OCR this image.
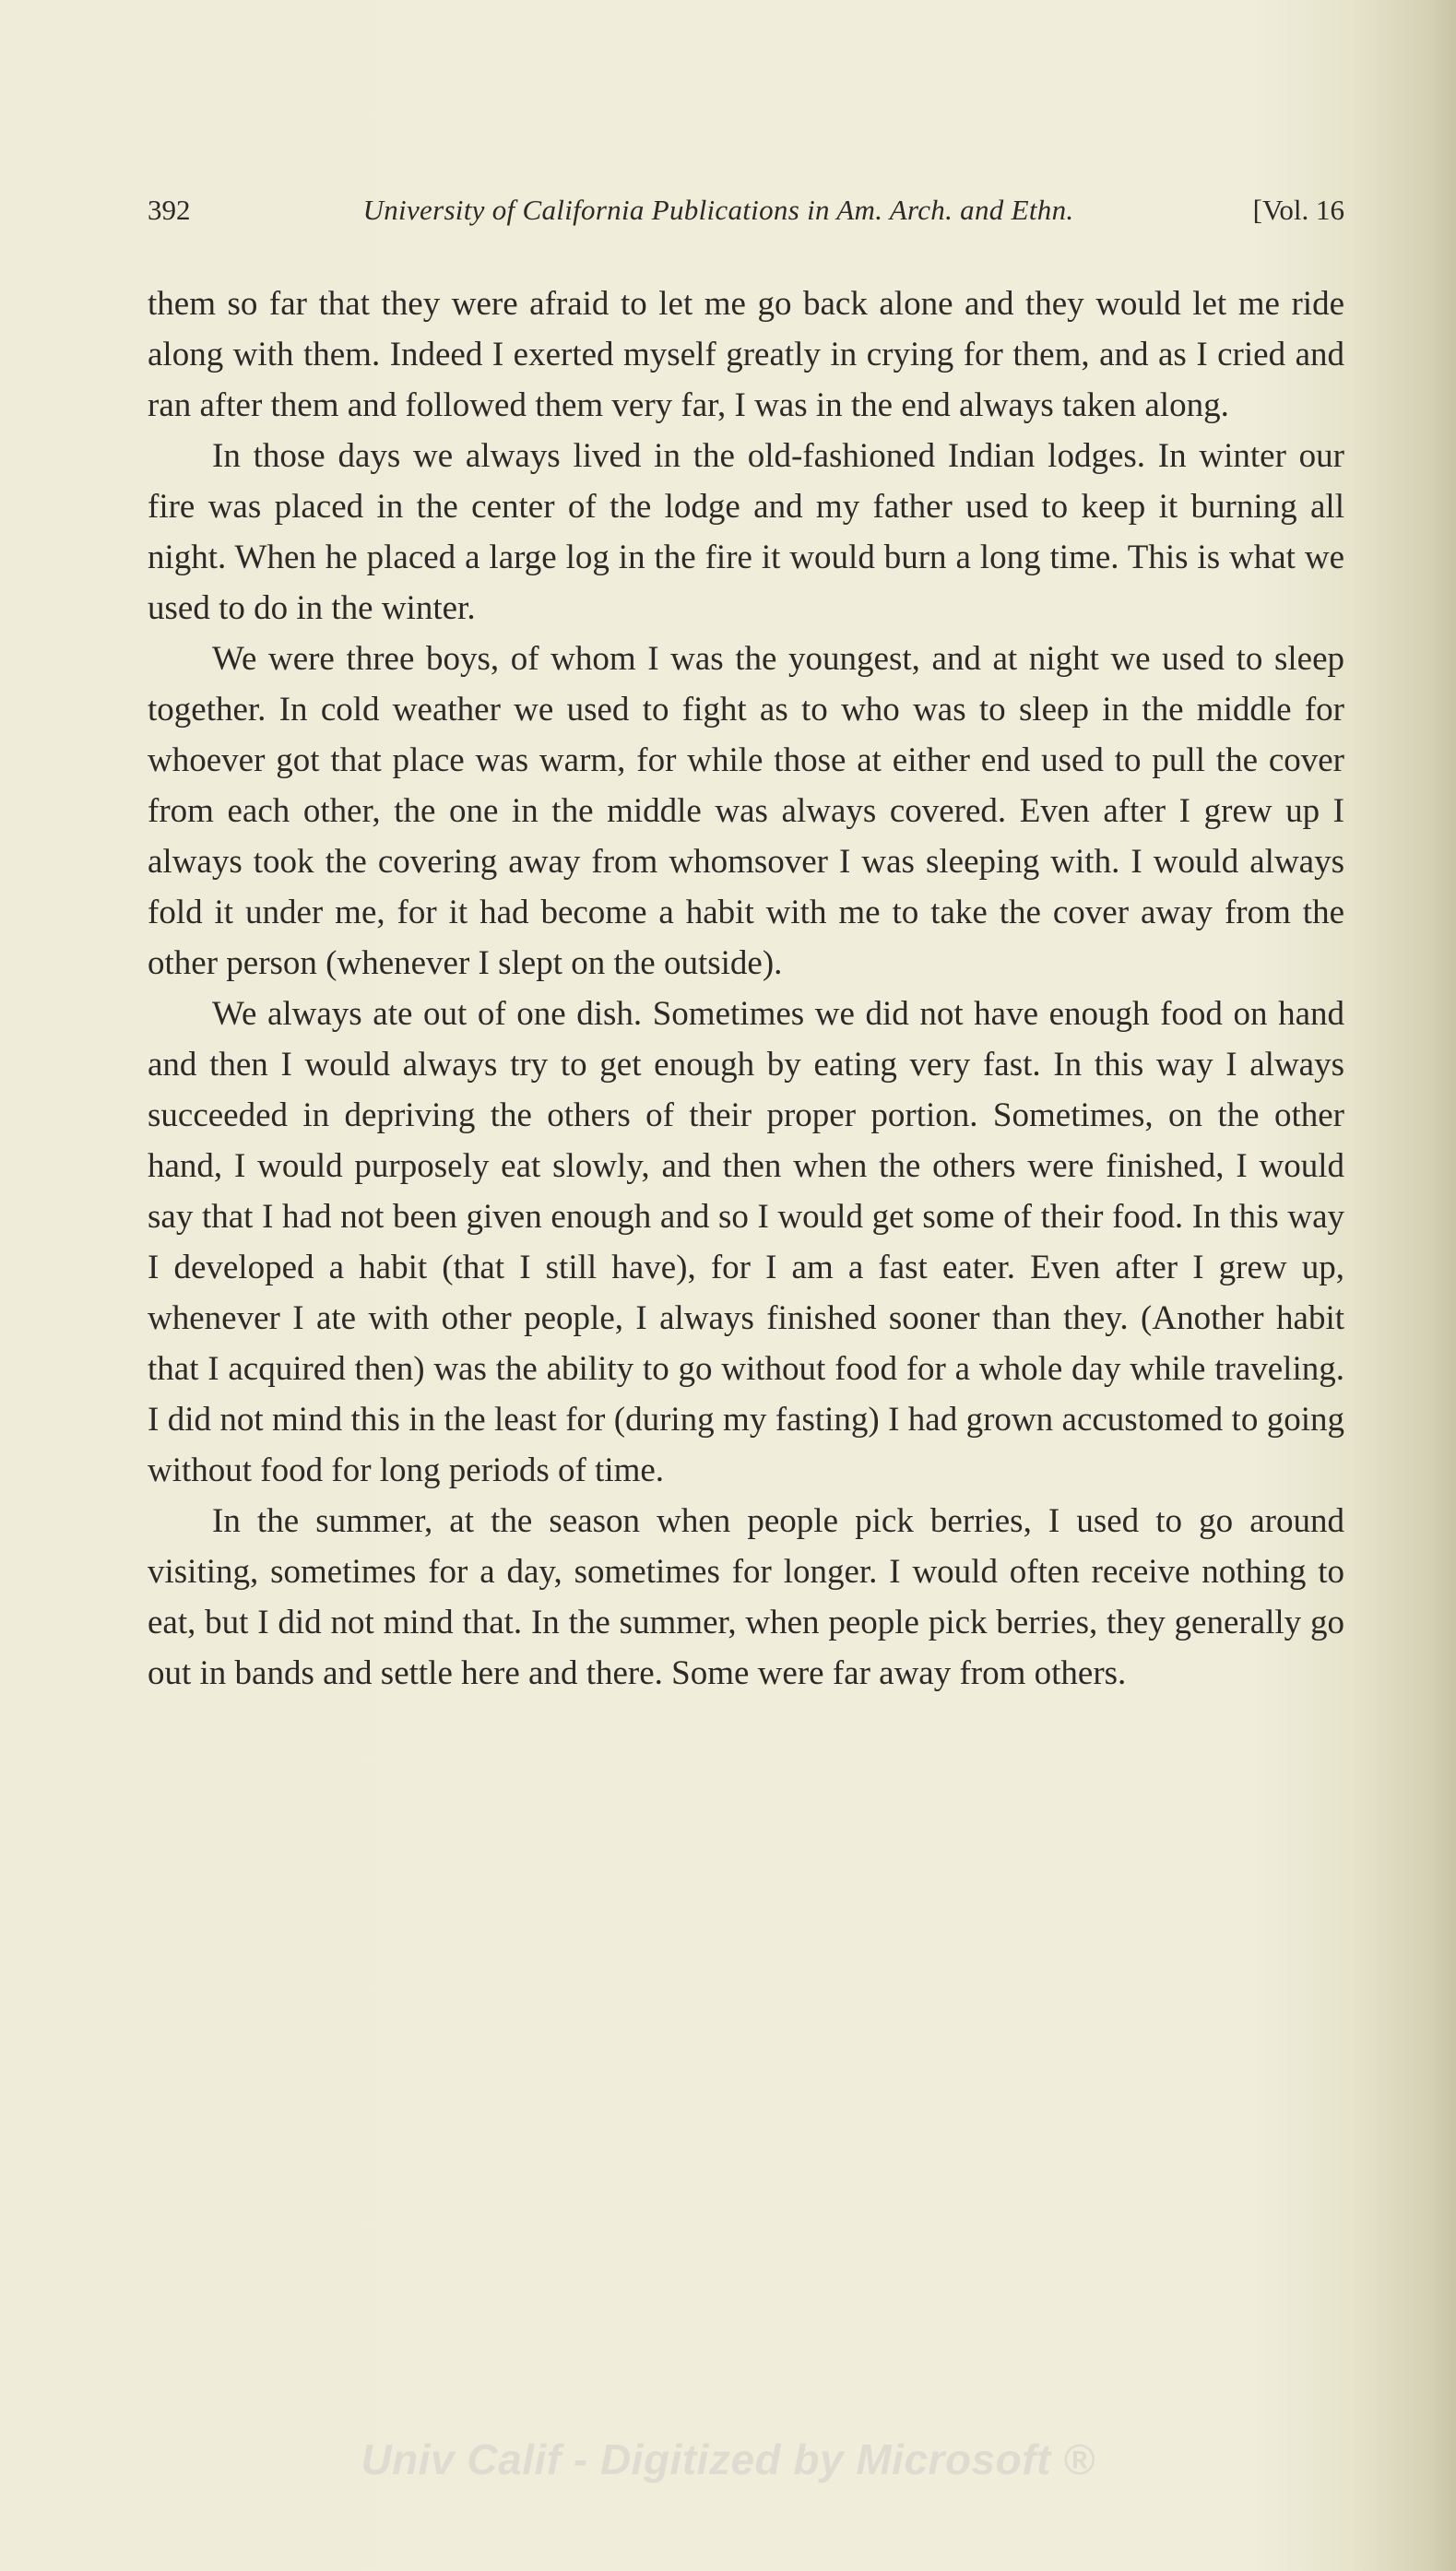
392	University of California Publications in Am. Arch. and Ethn.	[Vol. 16

them so far that they were afraid to let me go back alone and they would let me ride along with them. Indeed I exerted myself greatly in crying for them, and as I cried and ran after them and followed them very far, I was in the end always taken along.

In those days we always lived in the old-fashioned Indian lodges. In winter our fire was placed in the center of the lodge and my father used to keep it burning all night. When he placed a large log in the fire it would burn a long time. This is what we used to do in the winter.

We were three boys, of whom I was the youngest, and at night we used to sleep together. In cold weather we used to fight as to who was to sleep in the middle for whoever got that place was warm, for while those at either end used to pull the cover from each other, the one in the middle was always covered. Even after I grew up I always took the covering away from whomsover I was sleeping with. I would always fold it under me, for it had become a habit with me to take the cover away from the other person (whenever I slept on the outside).

We always ate out of one dish. Sometimes we did not have enough food on hand and then I would always try to get enough by eating very fast. In this way I always succeeded in depriving the others of their proper portion. Sometimes, on the other hand, I would purposely eat slowly, and then when the others were finished, I would say that I had not been given enough and so I would get some of their food. In this way I developed a habit (that I still have), for I am a fast eater. Even after I grew up, whenever I ate with other people, I always finished sooner than they. (Another habit that I acquired then) was the ability to go without food for a whole day while traveling. I did not mind this in the least for (during my fasting) I had grown accustomed to going without food for long periods of time.

In the summer, at the season when people pick berries, I used to go around visiting, sometimes for a day, sometimes for longer. I would often receive nothing to eat, but I did not mind that. In the summer, when people pick berries, they generally go out in bands and settle here and there. Some were far away from others.

Univ Calif - Digitized by Microsoft ®
